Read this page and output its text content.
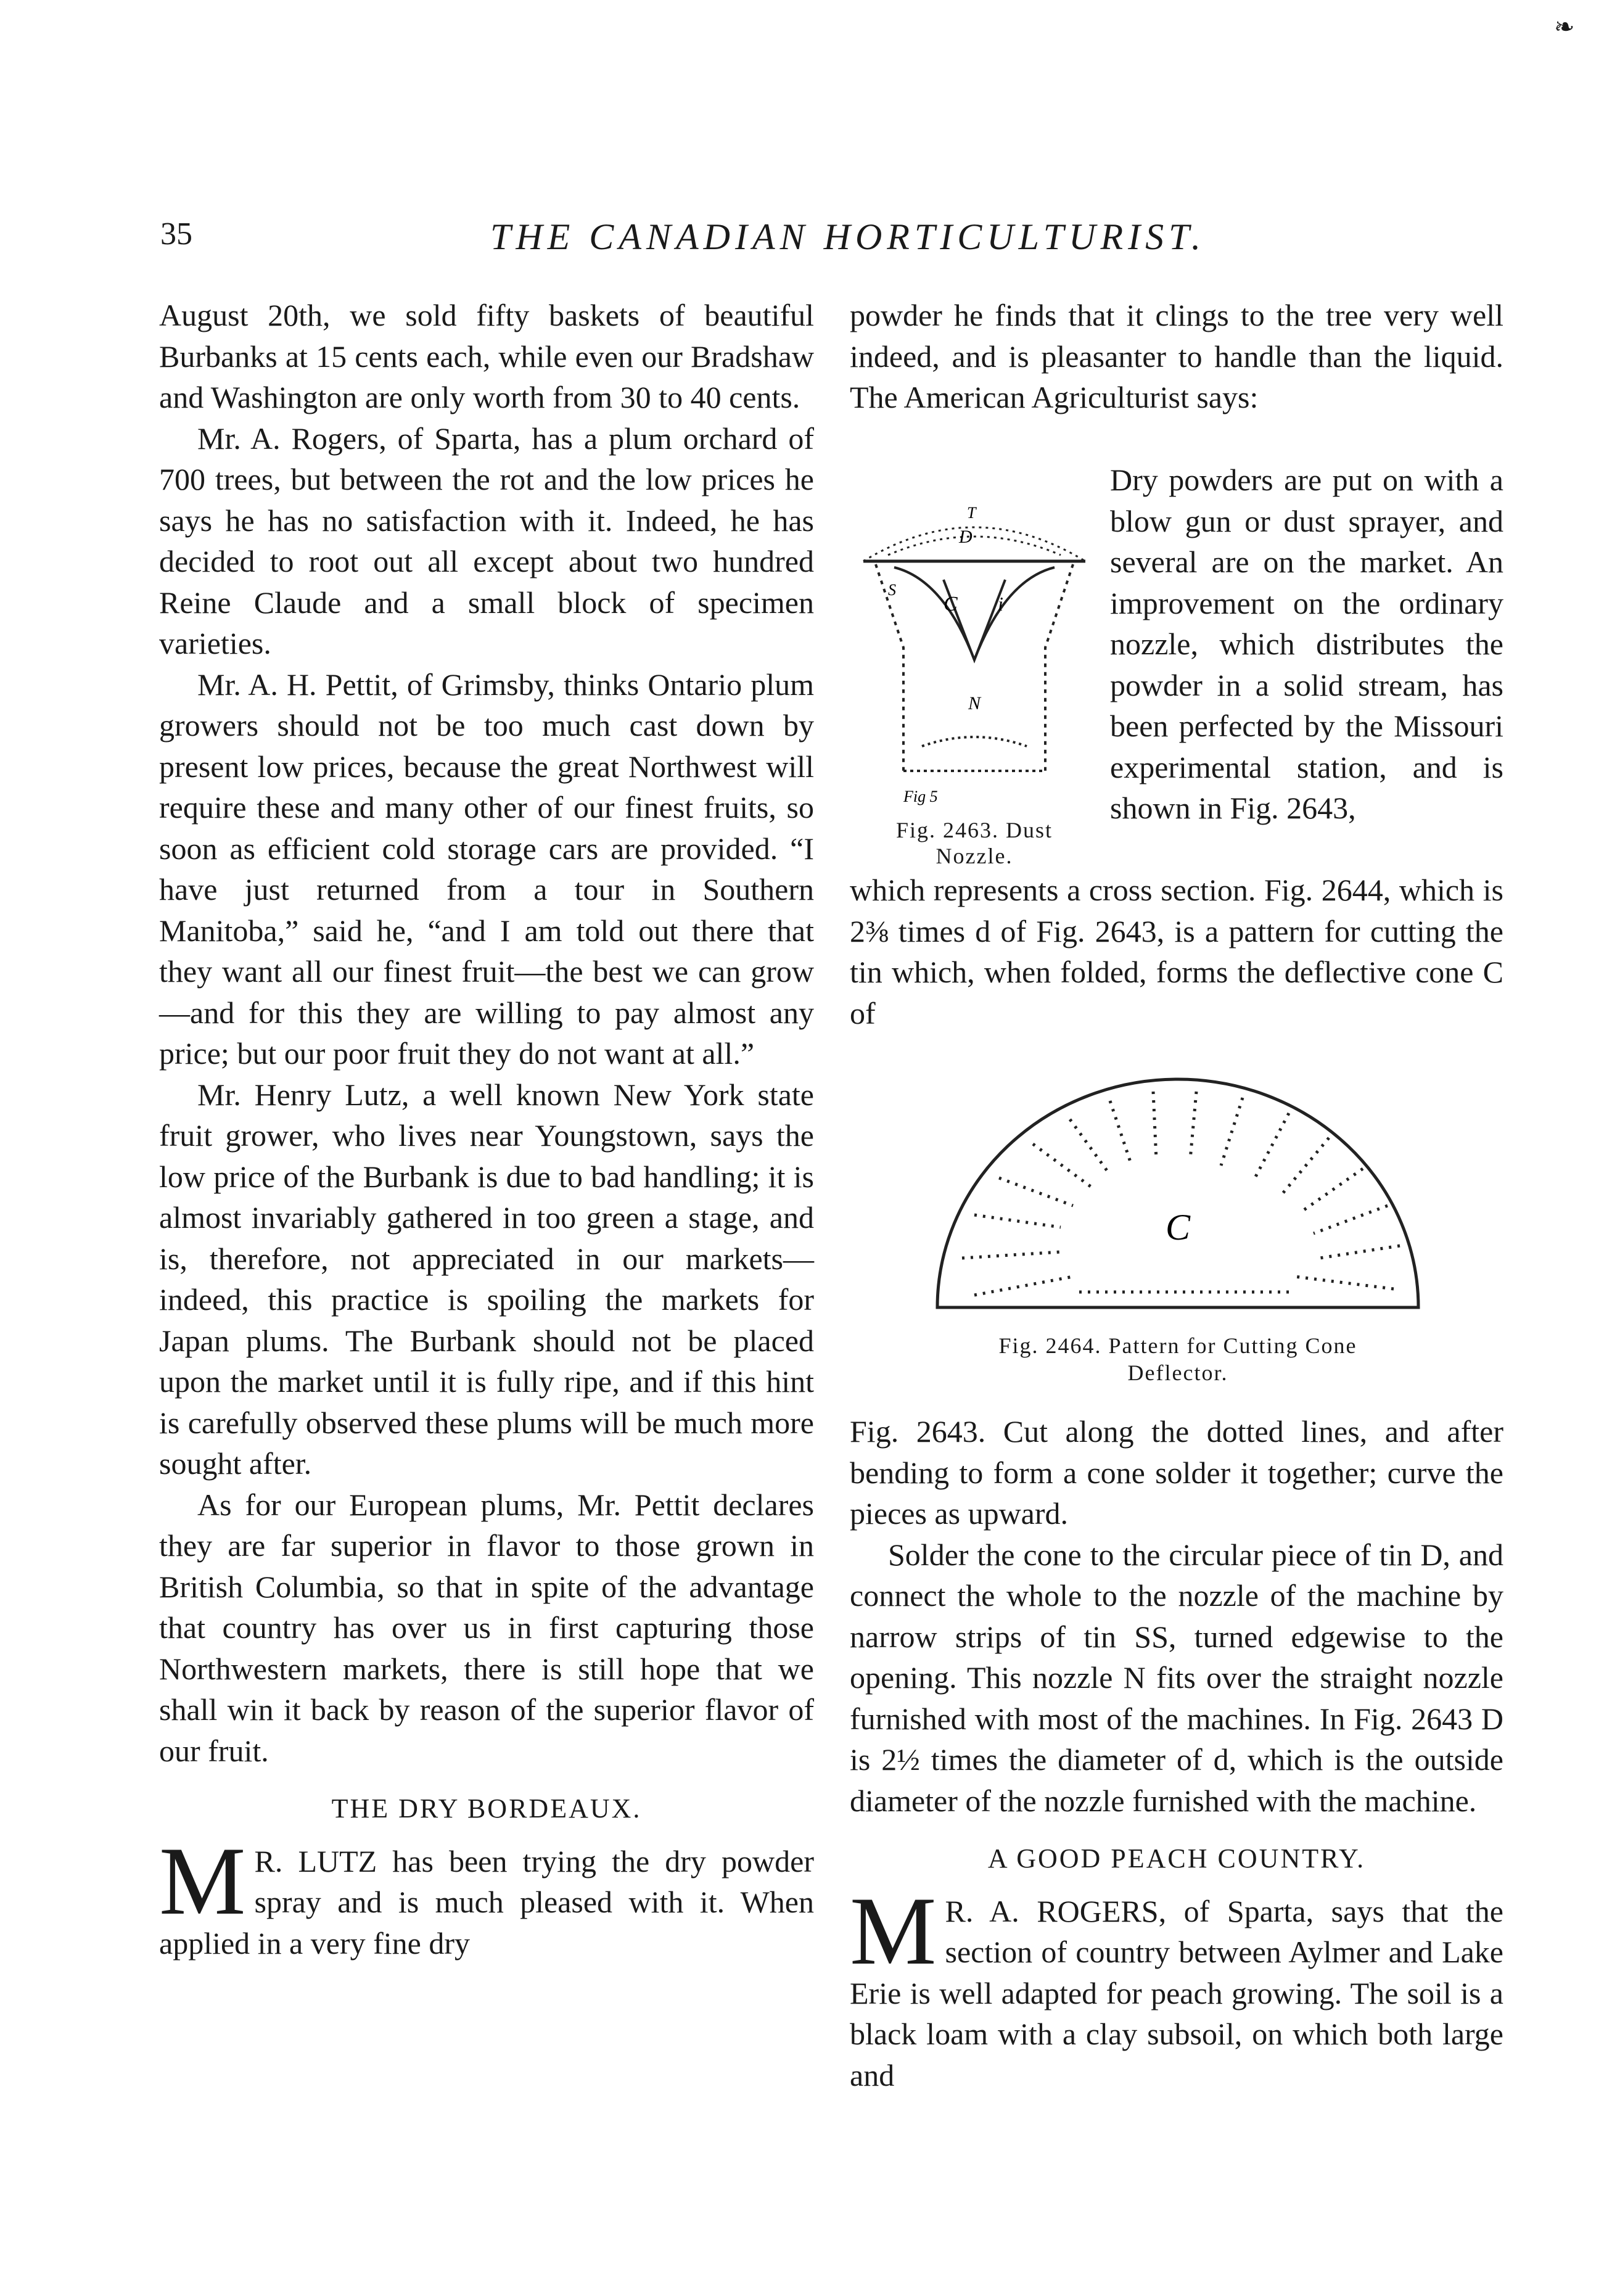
❧
35	THE CANADIAN HORTICULTURIST.

August 20th, we sold fifty baskets of beautiful Burbanks at 15 cents each, while even our Bradshaw and Washington are only worth from 30 to 40 cents.

Mr. A. Rogers, of Sparta, has a plum orchard of 700 trees, but between the rot and the low prices he says he has no satisfaction with it. Indeed, he has decided to root out all except about two hundred Reine Claude and a small block of specimen varieties.

Mr. A. H. Pettit, of Grimsby, thinks Ontario plum growers should not be too much cast down by present low prices, because the great Northwest will require these and many other of our finest fruits, so soon as efficient cold storage cars are provided. “I have just returned from a tour in Southern Manitoba,” said he, “and I am told out there that they want all our finest fruit—the best we can grow—and for this they are willing to pay almost any price; but our poor fruit they do not want at all.”

Mr. Henry Lutz, a well known New York state fruit grower, who lives near Youngstown, says the low price of the Burbank is due to bad handling; it is almost invariably gathered in too green a stage, and is, therefore, not appreciated in our markets—indeed, this practice is spoiling the markets for Japan plums. The Burbank should not be placed upon the market until it is fully ripe, and if this hint is carefully observed these plums will be much more sought after.

As for our European plums, Mr. Pettit declares they are far superior in flavor to those grown in British Columbia, so that in spite of the advantage that country has over us in first capturing those Northwestern markets, there is still hope that we shall win it back by reason of the superior flavor of our fruit.

THE DRY BORDEAUX.

M R. LUTZ has been trying the dry powder spray and is much pleased with it. When applied in a very fine dry

powder he finds that it clings to the tree very well indeed, and is pleasanter to handle than the liquid. The American Agriculturist says:

T
D
C i
S
N
Fig 5
Fig. 2463. Dust
Nozzle.

Dry powders are put on with a blow gun or dust sprayer, and several are on the market. An improvement on the ordinary nozzle, which distributes the powder in a solid stream, has been perfected by the Missouri experimental station, and is shown in Fig. 2643,

which represents a cross section. Fig. 2644, which is 2⅜ times d of Fig. 2643, is a pattern for cutting the tin which, when folded, forms the deflective cone C of

C
Fig. 2464. Pattern for Cutting Cone
Deflector.

Fig. 2643. Cut along the dotted lines, and after bending to form a cone solder it together; curve the pieces as upward.

Solder the cone to the circular piece of tin D, and connect the whole to the nozzle of the machine by narrow strips of tin SS, turned edgewise to the opening. This nozzle N fits over the straight nozzle furnished with most of the machines. In Fig. 2643 D is 2½ times the diameter of d, which is the outside diameter of the nozzle furnished with the machine.

A GOOD PEACH COUNTRY.

M R. A. ROGERS, of Sparta, says that the section of country between Aylmer and Lake Erie is well adapted for peach growing. The soil is a black loam with a clay subsoil, on which both large and
